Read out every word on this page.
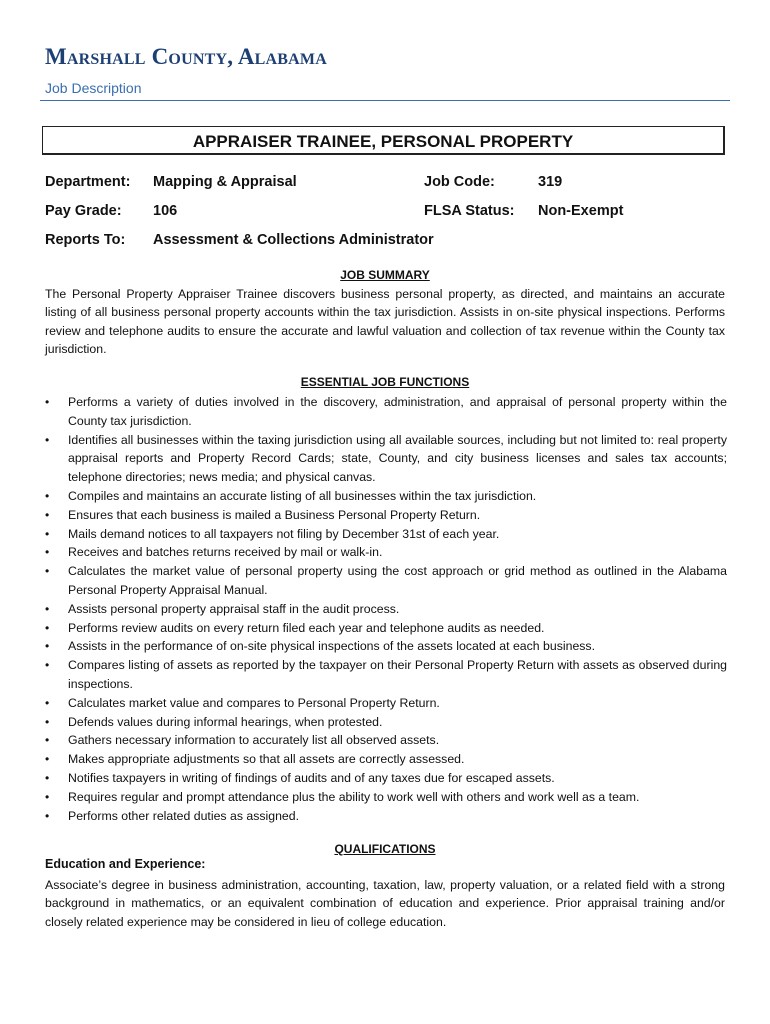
Marshall County, Alabama
Job Description
APPRAISER TRAINEE, PERSONAL PROPERTY
Department: Mapping & Appraisal	Job Code:	319
Pay Grade: 106	FLSA Status: Non-Exempt
Reports To: Assessment & Collections Administrator
JOB SUMMARY

The Personal Property Appraiser Trainee discovers business personal property, as directed, and maintains an accurate listing of all business personal property accounts within the tax jurisdiction. Assists in on-site physical inspections. Performs review and telephone audits to ensure the accurate and lawful valuation and collection of tax revenue within the County tax jurisdiction.

ESSENTIAL JOB FUNCTIONS
• Performs a variety of duties involved in the discovery, administration, and appraisal of personal property within the County tax jurisdiction.
• Identifies all businesses within the taxing jurisdiction using all available sources, including but not limited to: real property appraisal reports and Property Record Cards; state, County, and city business licenses and sales tax accounts; telephone directories; news media; and physical canvas.
• Compiles and maintains an accurate listing of all businesses within the tax jurisdiction.
• Ensures that each business is mailed a Business Personal Property Return.
• Mails demand notices to all taxpayers not filing by December 31st of each year.
• Receives and batches returns received by mail or walk-in.
• Calculates the market value of personal property using the cost approach or grid method as outlined in the Alabama Personal Property Appraisal Manual.
• Assists personal property appraisal staff in the audit process.
• Performs review audits on every return filed each year and telephone audits as needed.
• Assists in the performance of on-site physical inspections of the assets located at each business.
• Compares listing of assets as reported by the taxpayer on their Personal Property Return with assets as observed during inspections.
• Calculates market value and compares to Personal Property Return.
• Defends values during informal hearings, when protested.
• Gathers necessary information to accurately list all observed assets.
• Makes appropriate adjustments so that all assets are correctly assessed.
• Notifies taxpayers in writing of findings of audits and of any taxes due for escaped assets.
• Requires regular and prompt attendance plus the ability to work well with others and work well as a team.
• Performs other related duties as assigned.
QUALIFICATIONS
Education and Experience:

Associate’s degree in business administration, accounting, taxation, law, property valuation, or a related field with a strong background in mathematics, or an equivalent combination of education and experience. Prior appraisal training and/or closely related experience may be considered in lieu of college education.
